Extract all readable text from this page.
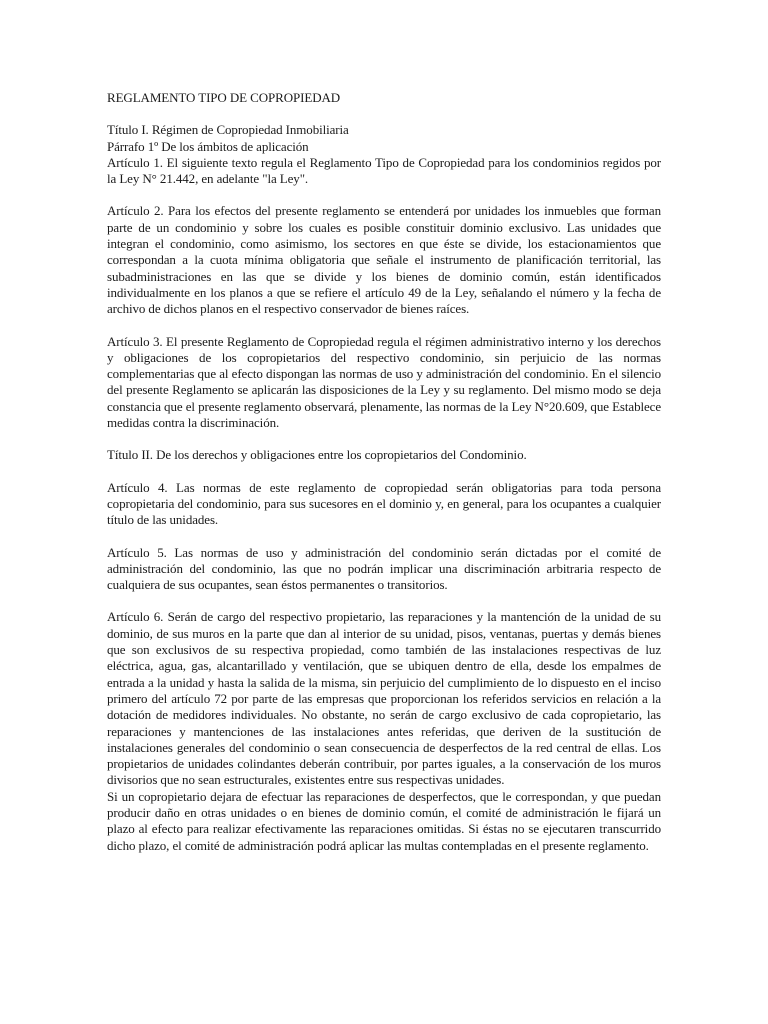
REGLAMENTO TIPO DE COPROPIEDAD

Título I. Régimen de Copropiedad Inmobiliaria

Párrafo 1º De los ámbitos de aplicación

Artículo 1. El siguiente texto regula el Reglamento Tipo de Copropiedad para los condominios regidos por la Ley N° 21.442, en adelante "la Ley".

Artículo 2. Para los efectos del presente reglamento se entenderá por unidades los inmuebles que forman parte de un condominio y sobre los cuales es posible constituir dominio exclusivo. Las unidades que integran el condominio, como asimismo, los sectores en que éste se divide, los estacionamientos que correspondan a la cuota mínima obligatoria que señale el instrumento de planificación territorial, las subadministraciones en las que se divide y los bienes de dominio común, están identificados individualmente en los planos a que se refiere el artículo 49 de la Ley, señalando el número y la fecha de archivo de dichos planos en el respectivo conservador de bienes raíces.

Artículo 3. El presente Reglamento de Copropiedad regula el régimen administrativo interno y los derechos y obligaciones de los copropietarios del respectivo condominio, sin perjuicio de las normas complementarias que al efecto dispongan las normas de uso y administración del condominio. En el silencio del presente Reglamento se aplicarán las disposiciones de la Ley y su reglamento. Del mismo modo se deja constancia que el presente reglamento observará, plenamente, las normas de la Ley N°20.609, que Establece medidas contra la discriminación.

Título II. De los derechos y obligaciones entre los copropietarios del Condominio.

Artículo 4. Las normas de este reglamento de copropiedad serán obligatorias para toda persona copropietaria del condominio, para sus sucesores en el dominio y, en general, para los ocupantes a cualquier título de las unidades.

Artículo 5. Las normas de uso y administración del condominio serán dictadas por el comité de administración del condominio, las que no podrán implicar una discriminación arbitraria respecto de cualquiera de sus ocupantes, sean éstos permanentes o transitorios.

Artículo 6. Serán de cargo del respectivo propietario, las reparaciones y la mantención de la unidad de su dominio, de sus muros en la parte que dan al interior de su unidad, pisos, ventanas, puertas y demás bienes que son exclusivos de su respectiva propiedad, como también de las instalaciones respectivas de luz eléctrica, agua, gas, alcantarillado y ventilación, que se ubiquen dentro de ella, desde los empalmes de entrada a la unidad y hasta la salida de la misma, sin perjuicio del cumplimiento de lo dispuesto en el inciso primero del artículo 72 por parte de las empresas que proporcionan los referidos servicios en relación a la dotación de medidores individuales. No obstante, no serán de cargo exclusivo de cada copropietario, las reparaciones y mantenciones de las instalaciones antes referidas, que deriven de la sustitución de instalaciones generales del condominio o sean consecuencia de desperfectos de la red central de ellas. Los propietarios de unidades colindantes deberán contribuir, por partes iguales, a la conservación de los muros divisorios que no sean estructurales, existentes entre sus respectivas unidades.

Si un copropietario dejara de efectuar las reparaciones de desperfectos, que le correspondan, y que puedan producir daño en otras unidades o en bienes de dominio común, el comité de administración le fijará un plazo al efecto para realizar efectivamente las reparaciones omitidas. Si éstas no se ejecutaren transcurrido dicho plazo, el comité de administración podrá aplicar las multas contempladas en el presente reglamento.
